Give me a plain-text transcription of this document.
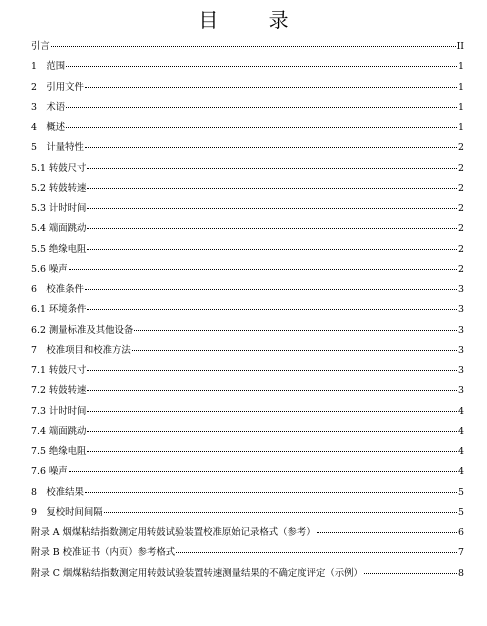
目 录
引言	II
1　范围	1
2　引用文件	1
3　术语	1
4　概述	1
5　计量特性	2
5.1 转鼓尺寸	2
5.2 转鼓转速	2
5.3 计时时间	2
5.4 端面跳动	2
5.5 绝缘电阻	2
5.6 噪声	2
6　校准条件	3
6.1 环境条件	3
6.2 测量标准及其他设备	3
7　校准项目和校准方法	3
7.1 转鼓尺寸	3
7.2 转鼓转速	3
7.3 计时时间	4
7.4 端面跳动	4
7.5 绝缘电阻	4
7.6 噪声	4
8　校准结果	5
9　复校时间间隔	5
附录 A 烟煤粘结指数测定用转鼓试验装置校准原始记录格式（参考）	6
附录 B 校准证书（内页）参考格式	7
附录 C 烟煤粘结指数测定用转鼓试验装置转速测量结果的不确定度评定（示例）	8
